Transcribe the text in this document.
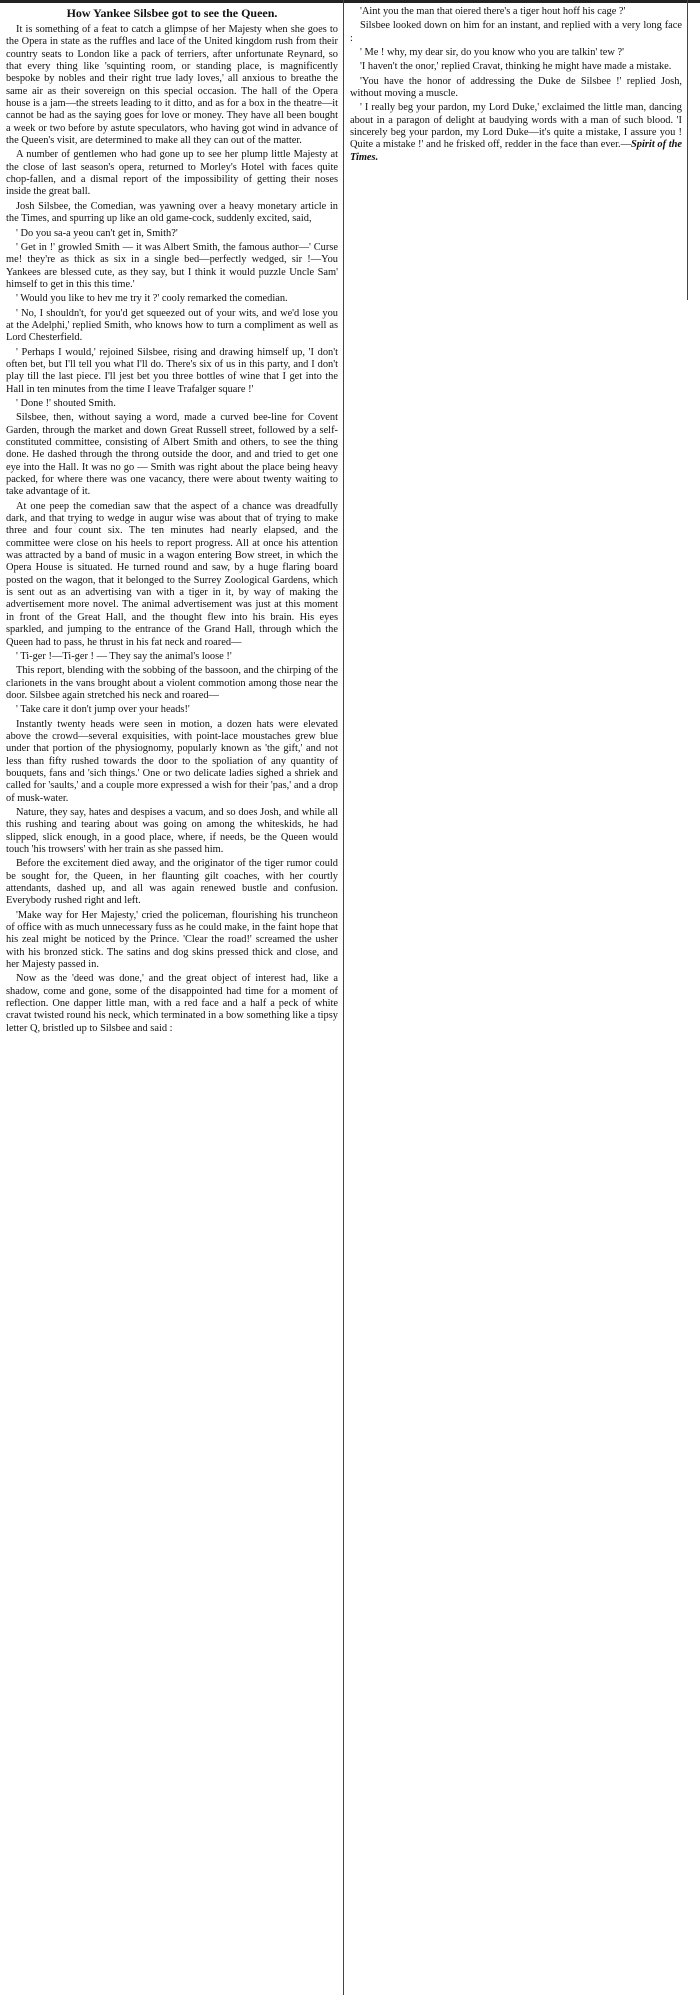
How Yankee Silsbee got to see the Queen.

It is something of a feat to catch a glimpse of her Majesty when she goes to the Opera in state as the ruffles and lace of the United kingdom rush from their country seats to London like a pack of terriers, after unfortunate Reynard, so that every thing like 'squinting room, or standing place, is magnificently bespoke by nobles and their right true lady loves,' all anxious to breathe the same air as their sovereign on this special occasion. The hall of the Opera house is a jam—the streets leading to it ditto, and as for a box in the theatre—it cannot be had as the saying goes for love or money. They have all been bought a week or two before by astute speculators, who having got wind in advance of the Queen's visit, are determined to make all they can out of the matter.

A number of gentlemen who had gone up to see her plump little Majesty at the close of last season's opera, returned to Morley's Hotel with faces quite chop-fallen, and a dismal report of the impossibility of getting their noses inside the great ball.

Josh Silsbee, the Comedian, was yawning over a heavy monetary article in the Times, and spurring up like an old game-cock, suddenly excited, said,

' Do you sa-a yeou can't get in, Smith?'

' Get in !' growled Smith — it was Albert Smith, the famous author—' Curse me! they're as thick as six in a single bed—perfectly wedged, sir !—You Yankees are blessed cute, as they say, but I think it would puzzle Uncle Sam' himself to get in this this time.'

' Would you like to hev me try it ?' cooly remarked the comedian.

' No, I shouldn't, for you'd get squeezed out of your wits, and we'd lose you at the Adelphi,' replied Smith, who knows how to turn a compliment as well as Lord Chesterfield.

' Perhaps I would,' rejoined Silsbee, rising and drawing himself up, 'I don't often bet, but I'll tell you what I'll do. There's six of us in this party, and I don't play till the last piece. I'll jest bet you three bottles of wine that I get into the Hall in ten minutes from the time I leave Trafalger square !'

' Done !' shouted Smith.

Silsbee, then, without saying a word, made a curved bee-line for Covent Garden, through the market and down Great Russell street, followed by a self-constituted committee, consisting of Albert Smith and others, to see the thing done. He dashed through the throng outside the door, and and tried to get one eye into the Hall. It was no go — Smith was right about the place being heavy packed, for where there was one vacancy, there were about twenty waiting to take advantage of it.

At one peep the comedian saw that the aspect of a chance was dreadfully dark, and that trying to wedge in augur wise was about that of trying to make three and four count six. The ten minutes had nearly elapsed, and the committee were close on his heels to report progress. All at once his attention was attracted by a band of music in a wagon entering Bow street, in which the Opera House is situated. He turned round and saw, by a huge flaring board posted on the wagon, that it belonged to the Surrey Zoological Gardens, which is sent out as an advertising van with a tiger in it, by way of making the advertisement more novel. The animal advertisement was just at this moment in front of the Great Hall, and the thought flew into his brain. His eyes sparkled, and jumping to the entrance of the Grand Hall, through which the Queen had to pass, he thrust in his fat neck and roared—

' Ti-ger !—Ti-ger ! — They say the animal's loose !'

This report, blending with the sobbing of the bassoon, and the chirping of the clarionets in the vans brought about a violent commotion among those near the door. Silsbee again stretched his neck and roared—

' Take care it don't jump over your heads!'

Instantly twenty heads were seen in motion, a dozen hats were elevated above the crowd—several exquisities, with point-lace moustaches grew blue under that portion of the physiognomy, popularly known as 'the gift,' and not less than fifty rushed towards the door to the spoliation of any quantity of bouquets, fans and 'sich things.' One or two delicate ladies sighed a shriek and called for 'saults,' and a couple more expressed a wish for their 'pas,' and a drop of musk-water.

Nature, they say, hates and despises a vacum, and so does Josh, and while all this rushing and tearing about was going on among the whiteskids, he had slipped, slick enough, in a good place, where, if needs, be the Queen would touch 'his trowsers' with her train as she passed him.

Before the excitement died away, and the originator of the tiger rumor could be sought for, the Queen, in her flaunting gilt coaches, with her courtly attendants, dashed up, and all was again renewed bustle and confusion. Everybody rushed right and left.

'Make way for Her Majesty,' cried the policeman, flourishing his truncheon of office with as much unnecessary fuss as he could make, in the faint hope that his zeal might be noticed by the Prince. 'Clear the road!' screamed the usher with his bronzed stick. The satins and dog skins pressed thick and close, and her Majesty passed in.

Now as the 'deed was done,' and the great object of interest had, like a shadow, come and gone, some of the disappointed had time for a moment of reflection. One dapper little man, with a red face and a half a peck of white cravat twisted round his neck, which terminated in a bow something like a tipsy letter Q, bristled up to Silsbee and said :

'Aint you the man that oiered there's a tiger hout hoff his cage ?'

Silsbee looked down on him for an instant, and replied with a very long face :

' Me ! why, my dear sir, do you know who you are talkin' tew ?'

'I haven't the onor,' replied Cravat, thinking he might have made a mistake.

'You have the honor of addressing the Duke de Silsbee !' replied Josh, without moving a muscle.

' I really beg your pardon, my Lord Duke,' exclaimed the little man, dancing about in a paragon of delight at baudying words with a man of such blood. 'I sincerely beg your pardon, my Lord Duke—it's quite a mistake, I assure you ! Quite a mistake !' and he frisked off, redder in the face than ever.—Spirit of the Times.
